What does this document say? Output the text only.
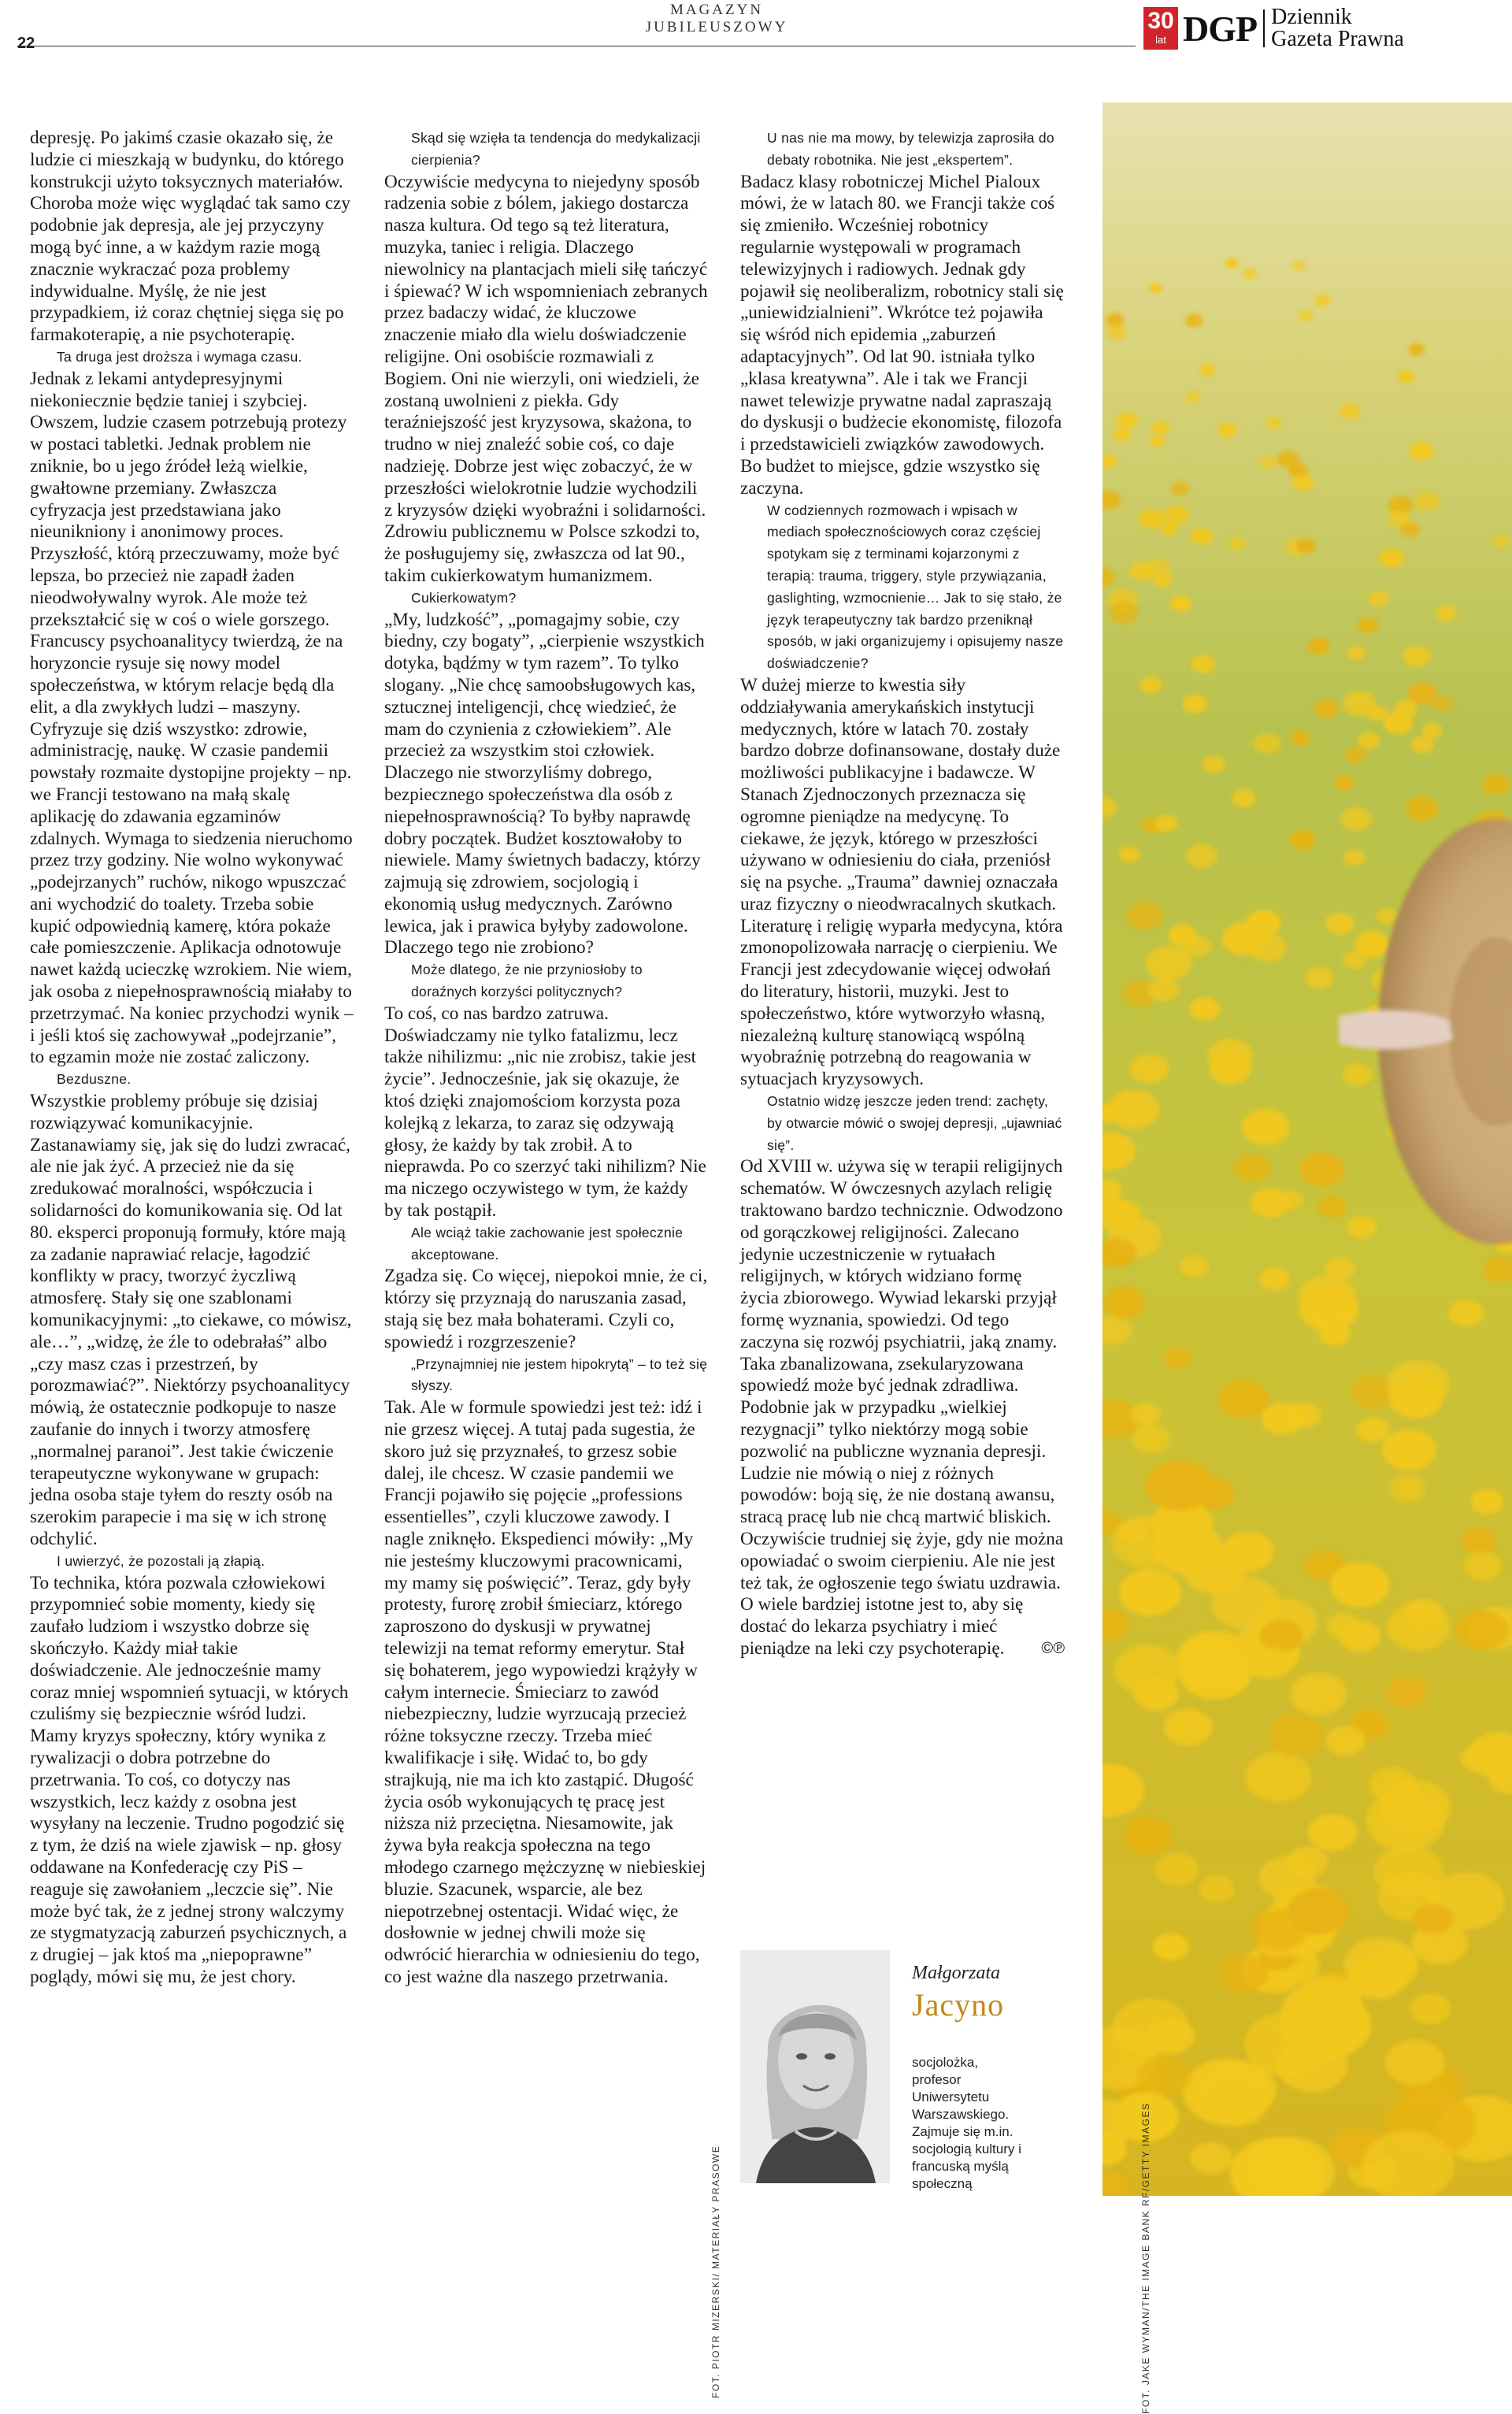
22
MAGAZYN JUBILEUSZOWY	30
lat DGP Dziennik
Gazeta Prawna

depresję. Po jakimś czasie okazało się, że ludzie ci mieszkają w budynku, do którego konstrukcji użyto toksycznych materiałów. Choroba może więc wyglądać tak samo czy podobnie jak depresja, ale jej przyczyny mogą być inne, a w każdym razie mogą znacznie wykraczać poza problemy indywidualne. Myślę, że nie jest przypadkiem, iż coraz chętniej sięga się po farmakoterapię, a nie psychoterapię.

Ta druga jest droższa i wymaga czasu.

Jednak z lekami antydepresyjnymi niekoniecznie będzie taniej i szybciej. Owszem, ludzie czasem potrzebują protezy w postaci tabletki. Jednak problem nie zniknie, bo u jego źródeł leżą wielkie, gwałtowne przemiany. Zwłaszcza cyfryzacja jest przedstawiana jako nieunikniony i anonimowy proces. Przyszłość, którą przeczuwamy, może być lepsza, bo przecież nie zapadł żaden nieodwoływalny wyrok. Ale może też przekształcić się w coś o wiele gorszego. Francuscy psychoanalitycy twierdzą, że na horyzoncie rysuje się nowy model społeczeństwa, w którym relacje będą dla elit, a dla zwykłych ludzi – maszyny. Cyfryzuje się dziś wszystko: zdrowie, administrację, naukę. W czasie pandemii powstały rozmaite dystopijne projekty – np. we Francji testowano na małą skalę aplikację do zdawania egzaminów zdalnych. Wymaga to siedzenia nieruchomo przez trzy godziny. Nie wolno wykonywać „podejrzanych” ruchów, nikogo wpuszczać ani wychodzić do toalety. Trzeba sobie kupić odpowiednią kamerę, która pokaże całe pomieszczenie. Aplikacja odnotowuje nawet każdą ucieczkę wzrokiem. Nie wiem, jak osoba z niepełnosprawnością miałaby to przetrzymać. Na koniec przychodzi wynik – i jeśli ktoś się zachowywał „podejrzanie”, to egzamin może nie zostać zaliczony.

Bezduszne.

Wszystkie problemy próbuje się dzisiaj rozwiązywać komunikacyjnie. Zastanawiamy się, jak się do ludzi zwracać, ale nie jak żyć. A przecież nie da się zredukować moralności, współczucia i solidarności do komunikowania się. Od lat 80. eksperci proponują formuły, które mają za zadanie naprawiać relacje, łagodzić konflikty w pracy, tworzyć życzliwą atmosferę. Stały się one szablonami komunikacyjnymi: „to ciekawe, co mówisz, ale…”, „widzę, że źle to odebrałaś” albo „czy masz czas i przestrzeń, by porozmawiać?”. Niektórzy psychoanalitycy mówią, że ostatecznie podkopuje to nasze zaufanie do innych i tworzy atmosferę „normalnej paranoi”. Jest takie ćwiczenie terapeutyczne wykonywane w grupach: jedna osoba staje tyłem do reszty osób na szerokim parapecie i ma się w ich stronę odchylić.

I uwierzyć, że pozostali ją złapią.

To technika, która pozwala człowiekowi przypomnieć sobie momenty, kiedy się zaufało ludziom i wszystko dobrze się skończyło. Każdy miał takie doświadczenie. Ale jednocześnie mamy coraz mniej wspomnień sytuacji, w których czuliśmy się bezpiecznie wśród ludzi. Mamy kryzys społeczny, który wynika z rywalizacji o dobra potrzebne do przetrwania. To coś, co dotyczy nas wszystkich, lecz każdy z osobna jest wysyłany na leczenie. Trudno pogodzić się z tym, że dziś na wiele zjawisk – np. głosy oddawane na Konfederację czy PiS – reaguje się zawołaniem „leczcie się”. Nie może być tak, że z jednej strony walczymy ze stygmatyzacją zaburzeń psychicznych, a z drugiej – jak ktoś ma „niepoprawne” poglądy, mówi się mu, że jest chory.

Skąd się wzięła ta tendencja do medykalizacji cierpienia?

Oczywiście medycyna to niejedyny sposób radzenia sobie z bólem, jakiego dostarcza nasza kultura. Od tego są też literatura, muzyka, taniec i religia. Dlaczego niewolnicy na plantacjach mieli siłę tańczyć i śpiewać? W ich wspomnieniach zebranych przez badaczy widać, że kluczowe znaczenie miało dla wielu doświadczenie religijne. Oni osobiście rozmawiali z Bogiem. Oni nie wierzyli, oni wiedzieli, że zostaną uwolnieni z piekła. Gdy teraźniejszość jest kryzysowa, skażona, to trudno w niej znaleźć sobie coś, co daje nadzieję. Dobrze jest więc zobaczyć, że w przeszłości wielokrotnie ludzie wychodzili z kryzysów dzięki wyobraźni i solidarności. Zdrowiu publicznemu w Polsce szkodzi to, że posługujemy się, zwłaszcza od lat 90., takim cukierkowatym humanizmem.

Cukierkowatym?

„My, ludzkość”, „pomagajmy sobie, czy biedny, czy bogaty”, „cierpienie wszystkich dotyka, bądźmy w tym razem”. To tylko slogany. „Nie chcę samoobsługowych kas, sztucznej inteligencji, chcę wiedzieć, że mam do czynienia z człowiekiem”. Ale przecież za wszystkim stoi człowiek. Dlaczego nie stworzyliśmy dobrego, bezpiecznego społeczeństwa dla osób z niepełnosprawnością? To byłby naprawdę dobry początek. Budżet kosztowałoby to niewiele. Mamy świetnych badaczy, którzy zajmują się zdrowiem, socjologią i ekonomią usług medycznych. Zarówno lewica, jak i prawica byłyby zadowolone. Dlaczego tego nie zrobiono?

Może dlatego, że nie przyniosłoby to doraźnych korzyści politycznych?

To coś, co nas bardzo zatruwa. Doświadczamy nie tylko fatalizmu, lecz także nihilizmu: „nic nie zrobisz, takie jest życie”. Jednocześnie, jak się okazuje, że ktoś dzięki znajomościom korzysta poza kolejką z lekarza, to zaraz się odzywają głosy, że każdy by tak zrobił. A to nieprawda. Po co szerzyć taki nihilizm? Nie ma niczego oczywistego w tym, że każdy by tak postąpił.

Ale wciąż takie zachowanie jest społecznie akceptowane.

Zgadza się. Co więcej, niepokoi mnie, że ci, którzy się przyznają do naruszania zasad, stają się bez mała bohaterami. Czyli co, spowiedź i rozgrzeszenie?

„Przynajmniej nie jestem hipokrytą” – to też się słyszy.

Tak. Ale w formule spowiedzi jest też: idź i nie grzesz więcej. A tutaj pada sugestia, że skoro już się przyznałeś, to grzesz sobie dalej, ile chcesz. W czasie pandemii we Francji pojawiło się pojęcie „professions essentielles”, czyli kluczowe zawody. I nagle zniknęło. Ekspedienci mówiły: „My nie jesteśmy kluczowymi pracownicami, my mamy się poświęcić”. Teraz, gdy były protesty, furorę zrobił śmieciarz, którego zaproszono do dyskusji w prywatnej telewizji na temat reformy emerytur. Stał się bohaterem, jego wypowiedzi krążyły w całym internecie. Śmieciarz to zawód niebezpieczny, ludzie wyrzucają przecież różne toksyczne rzeczy. Trzeba mieć kwalifikacje i siłę. Widać to, bo gdy strajkują, nie ma ich kto zastąpić. Długość życia osób wykonujących tę pracę jest niższa niż przeciętna. Niesamowite, jak żywa była reakcja społeczna na tego młodego czarnego mężczyznę w niebieskiej bluzie. Szacunek, wsparcie, ale bez niepotrzebnej ostentacji. Widać więc, że dosłownie w jednej chwili może się odwrócić hierarchia w odniesieniu do tego, co jest ważne dla naszego przetrwania.

U nas nie ma mowy, by telewizja zaprosiła do debaty robotnika. Nie jest „ekspertem”.

Badacz klasy robotniczej Michel Pialoux mówi, że w latach 80. we Francji także coś się zmieniło. Wcześniej robotnicy regularnie występowali w programach telewizyjnych i radiowych. Jednak gdy pojawił się neoliberalizm, robotnicy stali się „uniewidzialnieni”. Wkrótce też pojawiła się wśród nich epidemia „zaburzeń adaptacyjnych”. Od lat 90. istniała tylko „klasa kreatywna”. Ale i tak we Francji nawet telewizje prywatne nadal zapraszają do dyskusji o budżecie ekonomistę, filozofa i przedstawicieli związków zawodowych. Bo budżet to miejsce, gdzie wszystko się zaczyna.

W codziennych rozmowach i wpisach w mediach społecznościowych coraz częściej spotykam się z terminami kojarzonymi z terapią: trauma, triggery, style przywiązania, gaslighting, wzmocnienie… Jak to się stało, że język terapeutyczny tak bardzo przeniknął sposób, w jaki organizujemy i opisujemy nasze doświadczenie?

W dużej mierze to kwestia siły oddziaływania amerykańskich instytucji medycznych, które w latach 70. zostały bardzo dobrze dofinansowane, dostały duże możliwości publikacyjne i badawcze. W Stanach Zjednoczonych przeznacza się ogromne pieniądze na medycynę. To ciekawe, że język, którego w przeszłości używano w odniesieniu do ciała, przeniósł się na psyche. „Trauma” dawniej oznaczała uraz fizyczny o nieodwracalnych skutkach. Literaturę i religię wyparła medycyna, która zmonopolizowała narrację o cierpieniu. We Francji jest zdecydowanie więcej odwołań do literatury, historii, muzyki. Jest to społeczeństwo, które wytworzyło własną, niezależną kulturę stanowiącą wspólną wyobraźnię potrzebną do reagowania w sytuacjach kryzysowych.

Ostatnio widzę jeszcze jeden trend: zachęty, by otwarcie mówić o swojej depresji, „ujawniać się”.

Od XVIII w. używa się w terapii religijnych schematów. W ówczesnych azylach religię traktowano bardzo technicznie. Odwodzono od gorączkowej religijności. Zalecano jedynie uczestniczenie w rytuałach religijnych, w których widziano formę życia zbiorowego. Wywiad lekarski przyjął formę wyznania, spowiedzi. Od tego zaczyna się rozwój psychiatrii, jaką znamy. Taka zbanalizowana, zsekularyzowana spowiedź może być jednak zdradliwa. Podobnie jak w przypadku „wielkiej rezygnacji” tylko niektórzy mogą sobie pozwolić na publiczne wyznania depresji. Ludzie nie mówią o niej z różnych powodów: boją się, że nie dostaną awansu, stracą pracę lub nie chcą martwić bliskich. Oczywiście trudniej się żyje, gdy nie można opowiadać o swoim cierpieniu. Ale nie jest też tak, że ogłoszenie tego światu uzdrawia. O wiele bardziej istotne jest to, aby się dostać do lekarza psychiatry i mieć pieniądze na leki czy psychoterapię. ©℗

FOT. PIOTR MIZERSKI/ MATERIAŁY PRASOWE
Małgorzata
Jacyno
socjolożka, profesor Uniwersytetu Warszawskiego. Zajmuje się m.in. socjologią kultury i francuską myślą społeczną	FOT. JAKE WYMAN/THE IMAGE BANK RF/GETTY IMAGES
